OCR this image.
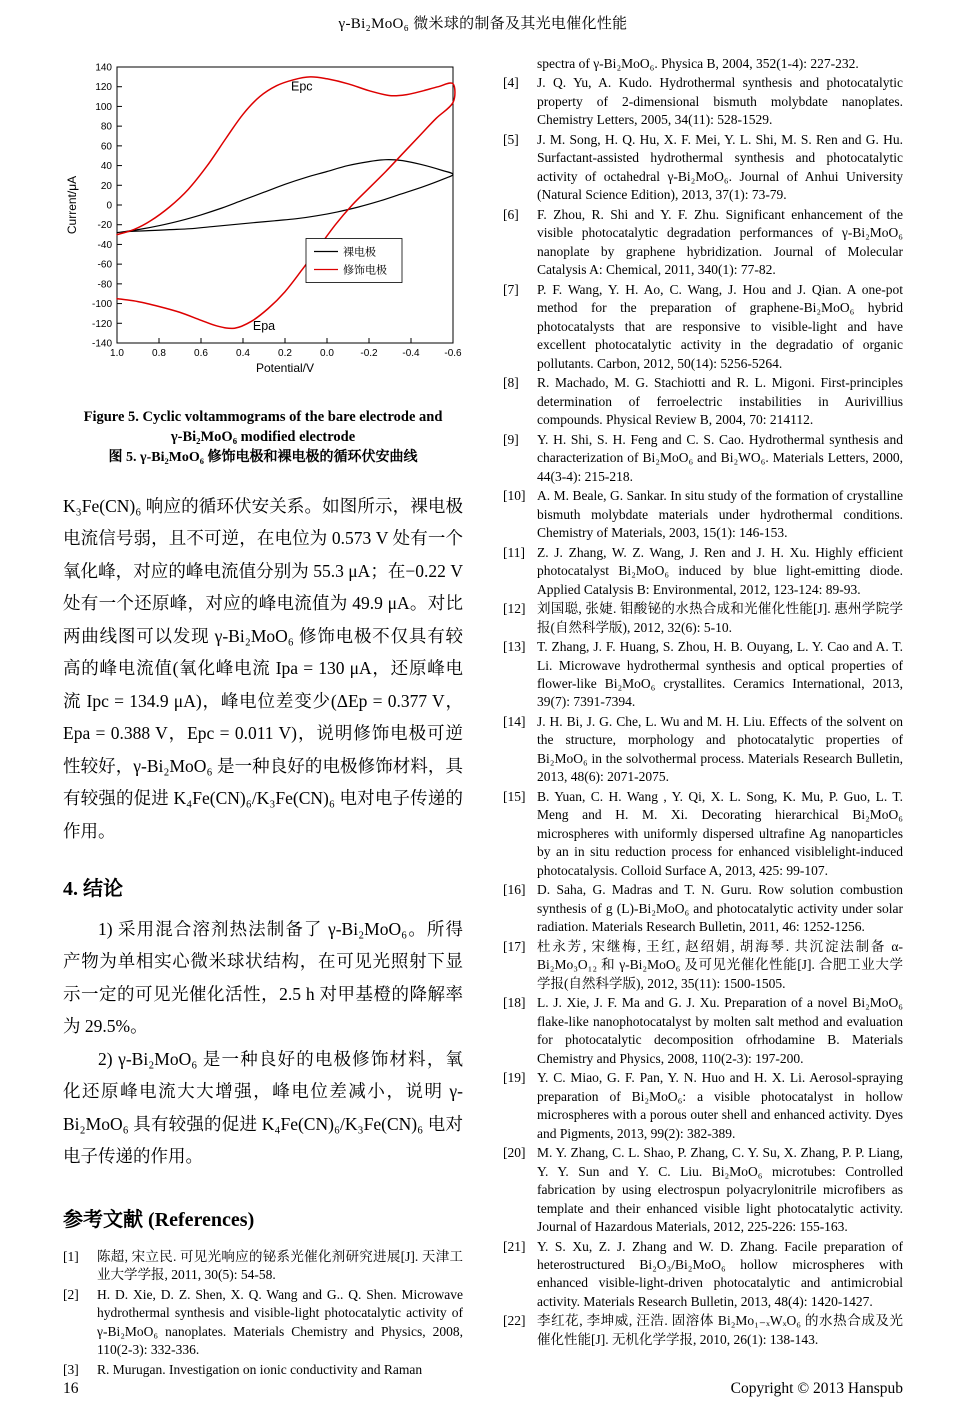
γ-Bi₂MoO₆ 微米球的制备及其光电催化性能
140
120
100
80
60
40
20
0
-20
-40
-60
-80
-100
-120
-140
1.0	0.8	0.6	0.4	0.2	0.0	-0.2 -0.4 -0.6
Potential/V
Current/μA
裸电极
修饰电极
Epc
Epa
Figure 5. Cyclic voltammograms of the bare electrode and
γ-Bi₂MoO₆ modified electrode
图 5. γ-Bi₂MoO₆ 修饰电极和裸电极的循环伏安曲线

K₃Fe(CN)₆ 响应的循环伏安关系。如图所示，裸电极电流信号弱，且不可逆，在电位为 0.573 V 处有一个氧化峰，对应的峰电流值分别为 55.3 μA；在−0.22 V 处有一个还原峰，对应的峰电流值为 49.9 μA。对比两曲线图可以发现 γ-Bi₂MoO₆ 修饰电极不仅具有较高的峰电流值(氧化峰电流 Ipa = 130 μA，还原峰电流 Ipc = 134.9 μA)，峰电位差变少(ΔEp = 0.377 V，Epa = 0.388 V，Epc = 0.011 V)，说明修饰电极可逆性较好，γ-Bi₂MoO₆ 是一种良好的电极修饰材料，具有较强的促进 K₄Fe(CN)₆/K₃Fe(CN)₆ 电对电子传递的作用。

4. 结论

1) 采用混合溶剂热法制备了 γ-Bi₂MoO₆。所得产物为单相实心微米球状结构，在可见光照射下显示一定的可见光催化活性，2.5 h 对甲基橙的降解率为 29.5%。

2) γ-Bi₂MoO₆ 是一种良好的电极修饰材料，氧化还原峰电流大大增强，峰电位差减小，说明 γ-Bi₂MoO₆ 具有较强的促进 K₄Fe(CN)₆/K₃Fe(CN)₆ 电对电子传递的作用。

参考文献 (References)
[1]	陈超, 宋立民. 可见光响应的铋系光催化剂研究进展[J]. 天津工业大学学报, 2011, 30(5): 54-58.
[2]	H. D. Xie, D. Z. Shen, X. Q. Wang and G.. Q. Shen. Microwave hydrothermal synthesis and visible-light photocatalytic activity of γ-Bi₂MoO₆ nanoplates. Materials Chemistry and Physics, 2008, 110(2-3): 332-336.
[3]	R. Murugan. Investigation on ionic conductivity and Raman
spectra of γ-Bi₂MoO₆. Physica B, 2004, 352(1-4): 227-232.
[4]	J. Q. Yu, A. Kudo. Hydrothermal synthesis and photocatalytic property of 2-dimensional bismuth molybdate nanoplates. Chemistry Letters, 2005, 34(11): 528-1529.
[5]	J. M. Song, H. Q. Hu, X. F. Mei, Y. L. Shi, M. S. Ren and G. Hu. Surfactant-assisted hydrothermal synthesis and photocatalytic activity of octahedral γ-Bi₂MoO₆. Journal of Anhui University (Natural Science Edition), 2013, 37(1): 73-79.
[6]	F. Zhou, R. Shi and Y. F. Zhu. Significant enhancement of the visible photocatalytic degradation performances of γ-Bi₂MoO₆ nanoplate by graphene hybridization. Journal of Molecular Catalysis A: Chemical, 2011, 340(1): 77-82.
[7]	P. F. Wang, Y. H. Ao, C. Wang, J. Hou and J. Qian. A one-pot method for the preparation of graphene-Bi₂MoO₆ hybrid photocatalysts that are responsive to visible-light and have excellent photocatalytic activity in the degradatio of organic pollutants. Carbon, 2012, 50(14): 5256-5264.
[8]	R. Machado, M. G. Stachiotti and R. L. Migoni. First-principles determination of ferroelectric instabilities in Aurivillius compounds. Physical Review B, 2004, 70: 214112.
[9]	Y. H. Shi, S. H. Feng and C. S. Cao. Hydrothermal synthesis and characterization of Bi₂MoO₆ and Bi₂WO₆. Materials Letters, 2000, 44(3-4): 215-218.
[10] A. M. Beale, G. Sankar. In situ study of the formation of crystalline bismuth molybdate materials under hydrothermal conditions. Chemistry of Materials, 2003, 15(1): 146-153.
[11] Z. J. Zhang, W. Z. Wang, J. Ren and J. H. Xu. Highly efficient photocatalyst Bi₂MoO₆ induced by blue light-emitting diode. Applied Catalysis B: Environmental, 2012, 123-124: 89-93.
[12] 刘国聪, 张婕. 钼酸铋的水热合成和光催化性能[J]. 惠州学院学报(自然科学版), 2012, 32(6): 5-10.
[13] T. Zhang, J. F. Huang, S. Zhou, H. B. Ouyang, L. Y. Cao and A. T. Li. Microwave hydrothermal synthesis and optical properties of flower-like Bi₂MoO₆ crystallites. Ceramics International, 2013, 39(7): 7391-7394.
[14] J. H. Bi, J. G. Che, L. Wu and M. H. Liu. Effects of the solvent on the structure, morphology and photocatalytic properties of Bi₂MoO₆ in the solvothermal process. Materials Research Bulletin, 2013, 48(6): 2071-2075.
[15] B. Yuan, C. H. Wang , Y. Qi, X. L. Song, K. Mu, P. Guo, L. T. Meng and H. M. Xi. Decorating hierarchical Bi₂MoO₆ microspheres with uniformly dispersed ultrafine Ag nanoparticles by an in situ reduction process for enhanced visiblelight-induced photocatalysis. Colloid Surface A, 2013, 425: 99-107.
[16] D. Saha, G. Madras and T. N. Guru. Row solution combustion synthesis of g (L)-Bi₂MoO₆ and photocatalytic activity under solar radiation. Materials Research Bulletin, 2011, 46: 1252-1256.
[17] 杜永芳, 宋继梅, 王红, 赵绍娟, 胡海琴. 共沉淀法制备 α-Bi₂Mo₃O₁₂ 和 γ-Bi₂MoO₆ 及可见光催化性能[J]. 合肥工业大学学报(自然科学版), 2012, 35(11): 1500-1505.
[18] L. J. Xie, J. F. Ma and G. J. Xu. Preparation of a novel Bi₂MoO₆ flake-like nanophotocatalyst by molten salt method and evaluation for photocatalytic decomposition ofrhodamine B. Materials Chemistry and Physics, 2008, 110(2-3): 197-200.
[19] Y. C. Miao, G. F. Pan, Y. N. Huo and H. X. Li. Aerosol-spraying preparation of Bi₂MoO₆: a visible photocatalyst in hollow microspheres with a porous outer shell and enhanced activity. Dyes and Pigments, 2013, 99(2): 382-389.
[20] M. Y. Zhang, C. L. Shao, P. Zhang, C. Y. Su, X. Zhang, P. P. Liang, Y. Y. Sun and Y. C. Liu. Bi₂MoO₆ microtubes: Controlled fabrication by using electrospun polyacrylonitrile microfibers as template and their enhanced visible light photocatalytic activity. Journal of Hazardous Materials, 2012, 225-226: 155-163.
[21] Y. S. Xu, Z. J. Zhang and W. D. Zhang. Facile preparation of heterostructured Bi₂O₃/Bi₂MoO₆ hollow microspheres with enhanced visible-light-driven photocatalytic and antimicrobial activity. Materials Research Bulletin, 2013, 48(4): 1420-1427.
[22] 李红花, 李坤威, 汪浩. 固溶体 Bi₂Mo₁₋ₓWₓO₆ 的水热合成及光催化性能[J]. 无机化学学报, 2010, 26(1): 138-143.
16	Copyright © 2013 Hanspub
